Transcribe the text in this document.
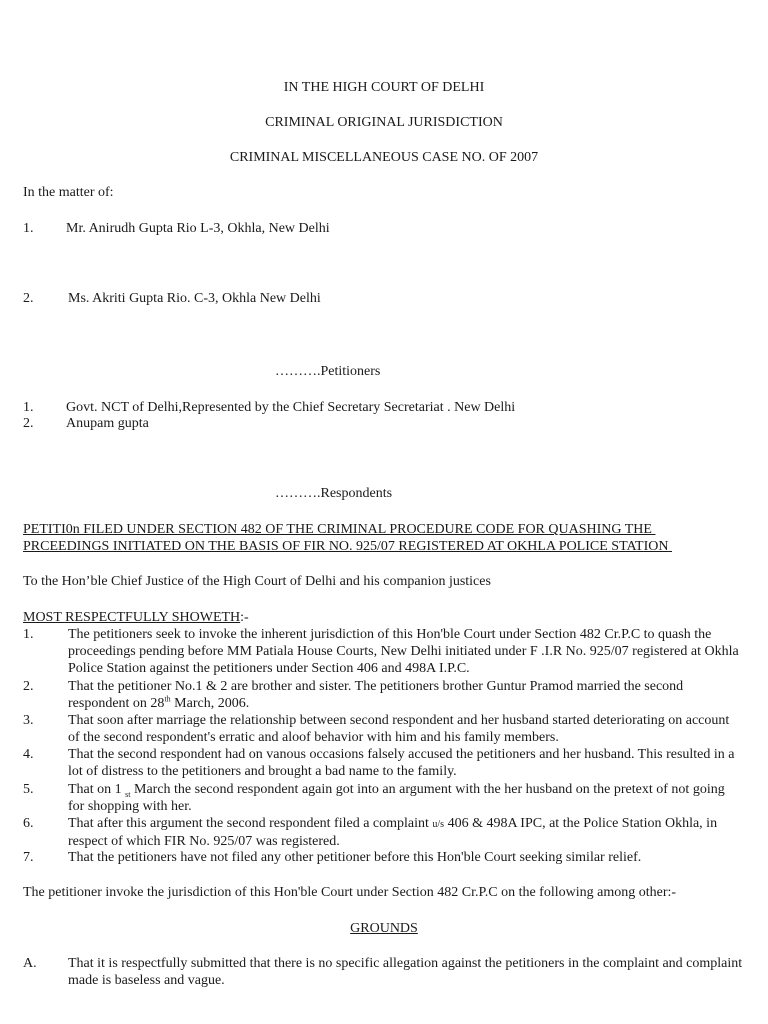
IN THE HIGH COURT OF DELHI
CRIMINAL ORIGINAL JURISDICTION
CRIMINAL MISCELLANEOUS CASE NO. OF 2007
In the matter of:
1. Mr. Anirudh Gupta Rio L-3, Okhla, New Delhi
2. Ms. Akriti Gupta Rio. C-3, Okhla New Delhi
……….Petitioners
1. Govt. NCT of Delhi,Represented by the Chief Secretary Secretariat . New Delhi
2. Anupam gupta
……….Respondents
PETITI0n FILED UNDER SECTION 482 OF THE CRIMINAL PROCEDURE CODE FOR QUASHING THE
PRCEEDINGS INITIATED ON THE BASIS OF FIR NO. 925/07 REGISTERED AT OKHLA POLICE STATION
To the Hon’ble Chief Justice of the High Court of Delhi and his companion justices
MOST RESPECTFULLY SHOWETH:-
1. The petitioners seek to invoke the inherent jurisdiction of this Hon'ble Court under Section 482 Cr.P.C to quash the proceedings pending before MM Patiala House Courts, New Delhi initiated under F .I.R No. 925/07 registered at Okhla Police Station against the petitioners under Section 406 and 498A I.P.C.
2. That the petitioner No.1 & 2 are brother and sister. The petitioners brother Guntur Pramod married the second respondent on 28th March, 2006.
3. That soon after marriage the relationship between second respondent and her husband started deteriorating on account of the second respondent's erratic and aloof behavior with him and his family members.
4. That the second respondent had on vanous occasions falsely accused the petitioners and her husband. This resulted in a lot of distress to the petitioners and brought a bad name to the family.
5. That on 1 $_{st}$ March the second respondent again got into an argument with the her husband on the pretext of not going for shopping with her.
6. That after this argument the second respondent filed a complaint u/s 406 & 498A IPC, at the Police Station Okhla, in respect of which FIR No. 925/07 was registered.
7. That the petitioners have not filed any other petitioner before this Hon'ble Court seeking similar relief.
The petitioner invoke the jurisdiction of this Hon'ble Court under Section 482 Cr.P.C on the following among other:-
GROUNDS
A. That it is respectfully submitted that there is no specific allegation against the petitioners in the complaint and complaint made is baseless and vague.
